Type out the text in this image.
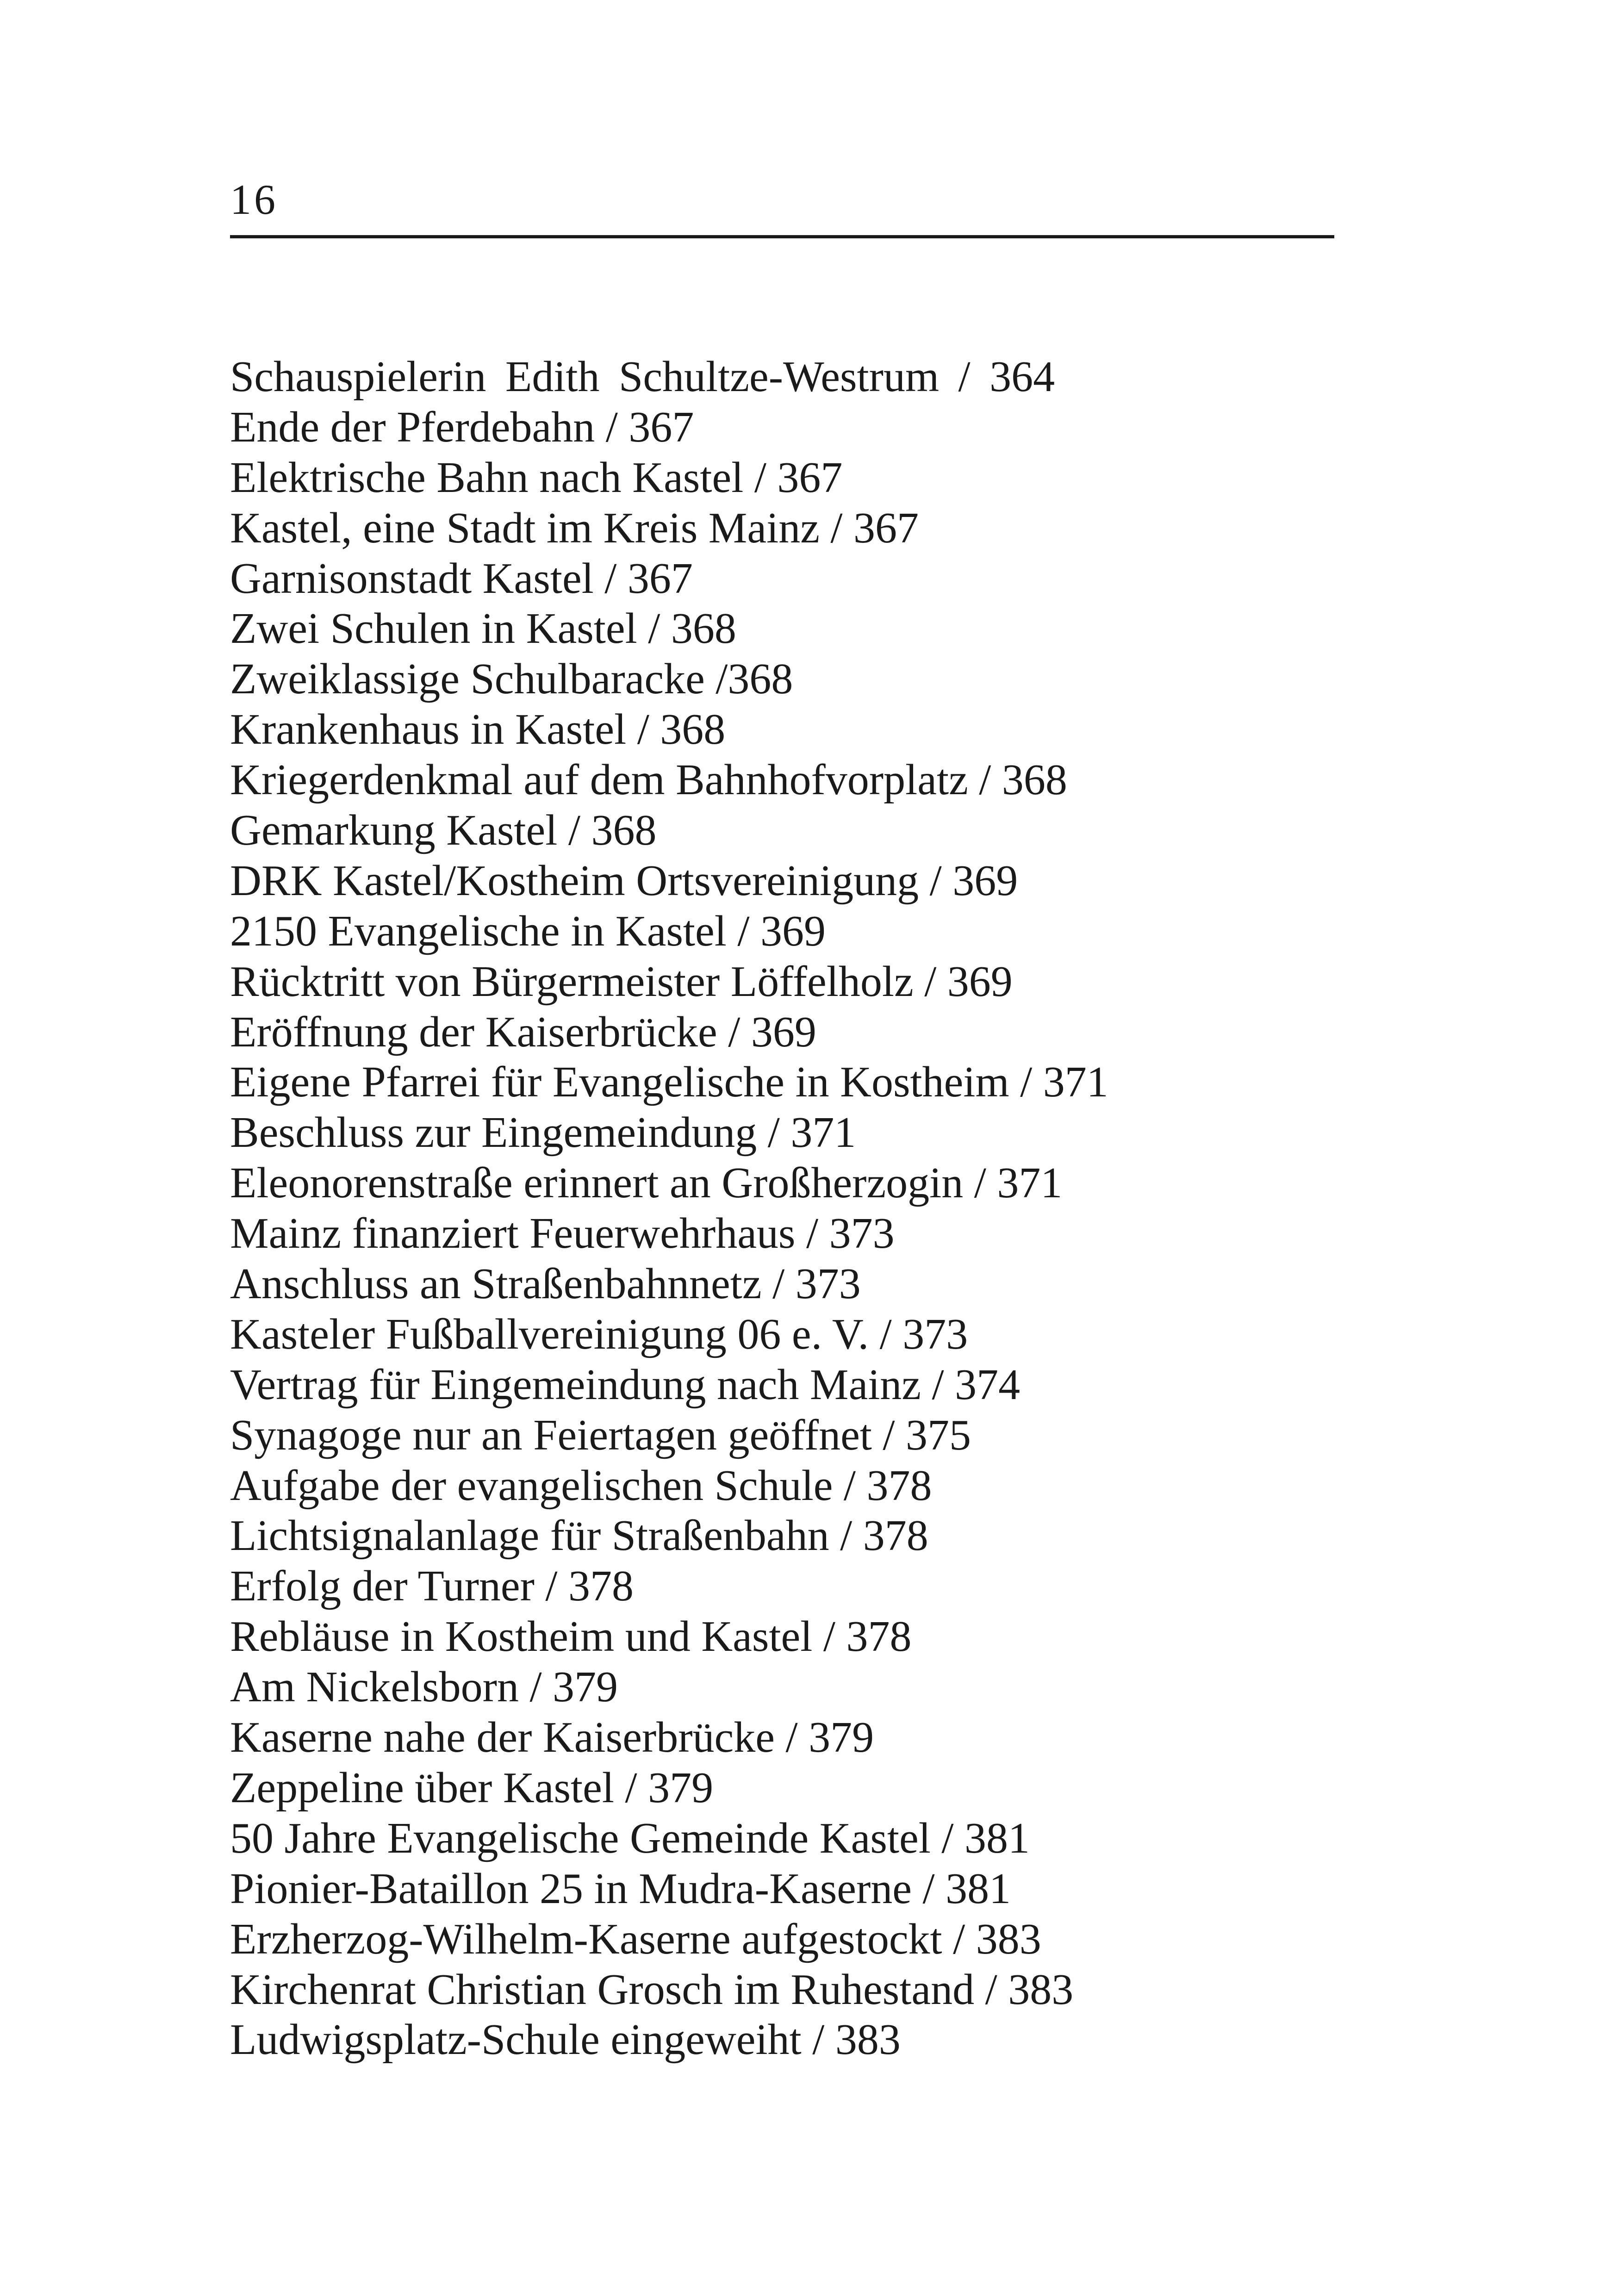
16
Schauspielerin Edith Schultze-Westrum / 364
Ende der Pferdebahn / 367
Elektrische Bahn nach Kastel / 367
Kastel, eine Stadt im Kreis Mainz / 367
Garnisonstadt Kastel / 367
Zwei Schulen in Kastel / 368
Zweiklassige Schulbaracke /368
Krankenhaus in Kastel / 368
Kriegerdenkmal auf dem Bahnhofvorplatz / 368
Gemarkung Kastel / 368
DRK Kastel/Kostheim Ortsvereinigung / 369
2150 Evangelische in Kastel / 369
Rücktritt von Bürgermeister Löffelholz / 369
Eröffnung der Kaiserbrücke / 369
Eigene Pfarrei für Evangelische in Kostheim / 371
Beschluss zur Eingemeindung / 371
Eleonorenstraße erinnert an Großherzogin / 371
Mainz finanziert Feuerwehrhaus / 373
Anschluss an Straßenbahnnetz / 373
Kasteler Fußballvereinigung 06 e. V. / 373
Vertrag für Eingemeindung nach Mainz / 374
Synagoge nur an Feiertagen geöffnet / 375
Aufgabe der evangelischen Schule / 378
Lichtsignalanlage für Straßenbahn / 378
Erfolg der Turner / 378
Rebläuse in Kostheim und Kastel / 378
Am Nickelsborn / 379
Kaserne nahe der Kaiserbrücke / 379
Zeppeline über Kastel / 379
50 Jahre Evangelische Gemeinde Kastel / 381
Pionier-Bataillon 25 in Mudra-Kaserne / 381
Erzherzog-Wilhelm-Kaserne aufgestockt / 383
Kirchenrat Christian Grosch im Ruhestand / 383
Ludwigsplatz-Schule eingeweiht / 383
